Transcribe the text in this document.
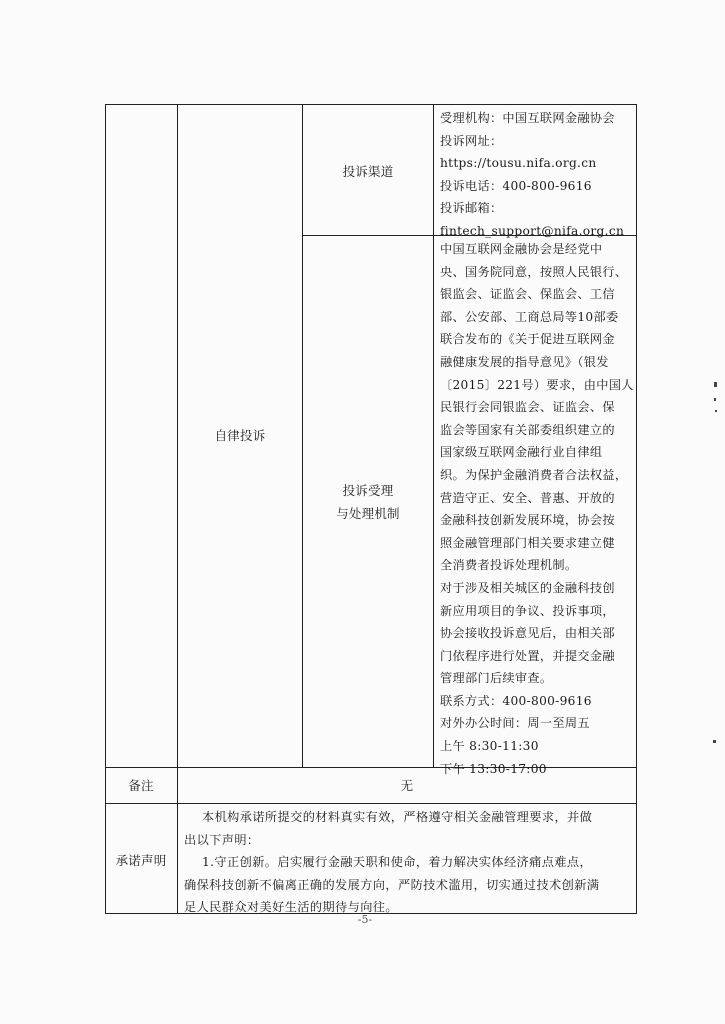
自律投诉
投诉渠道
受理机构：中国互联网金融协会
投诉网址：
https://tousu.nifa.org.cn
投诉电话：400-800-9616
投诉邮箱：
fintech_support@nifa.org.cn
投诉受理
与处理机制
中国互联网金融协会是经党中
央、国务院同意，按照人民银行、
银监会、证监会、保监会、工信
部、公安部、工商总局等10部委
联合发布的《关于促进互联网金
融健康发展的指导意见》（银发
〔2015〕221号）要求，由中国人
民银行会同银监会、证监会、保
监会等国家有关部委组织建立的
国家级互联网金融行业自律组
织。为保护金融消费者合法权益，
营造守正、安全、普惠、开放的
金融科技创新发展环境，协会按
照金融管理部门相关要求建立健
全消费者投诉处理机制。
对于涉及相关城区的金融科技创
新应用项目的争议、投诉事项，
协会接收投诉意见后，由相关部
门依程序进行处置，并提交金融
管理部门后续审查。
联系方式：400-800-9616
对外办公时间：周一至周五
上午 8:30-11:30
下午 13:30-17:00
备注	无
承诺声明
本机构承诺所提交的材料真实有效，严格遵守相关金融管理要求，并做
出以下声明：
1.守正创新。启实履行金融天职和使命，着力解决实体经济痛点难点，
确保科技创新不偏离正确的发展方向，严防技术滥用，切实通过技术创新满
足人民群众对美好生活的期待与向往。
-5-
